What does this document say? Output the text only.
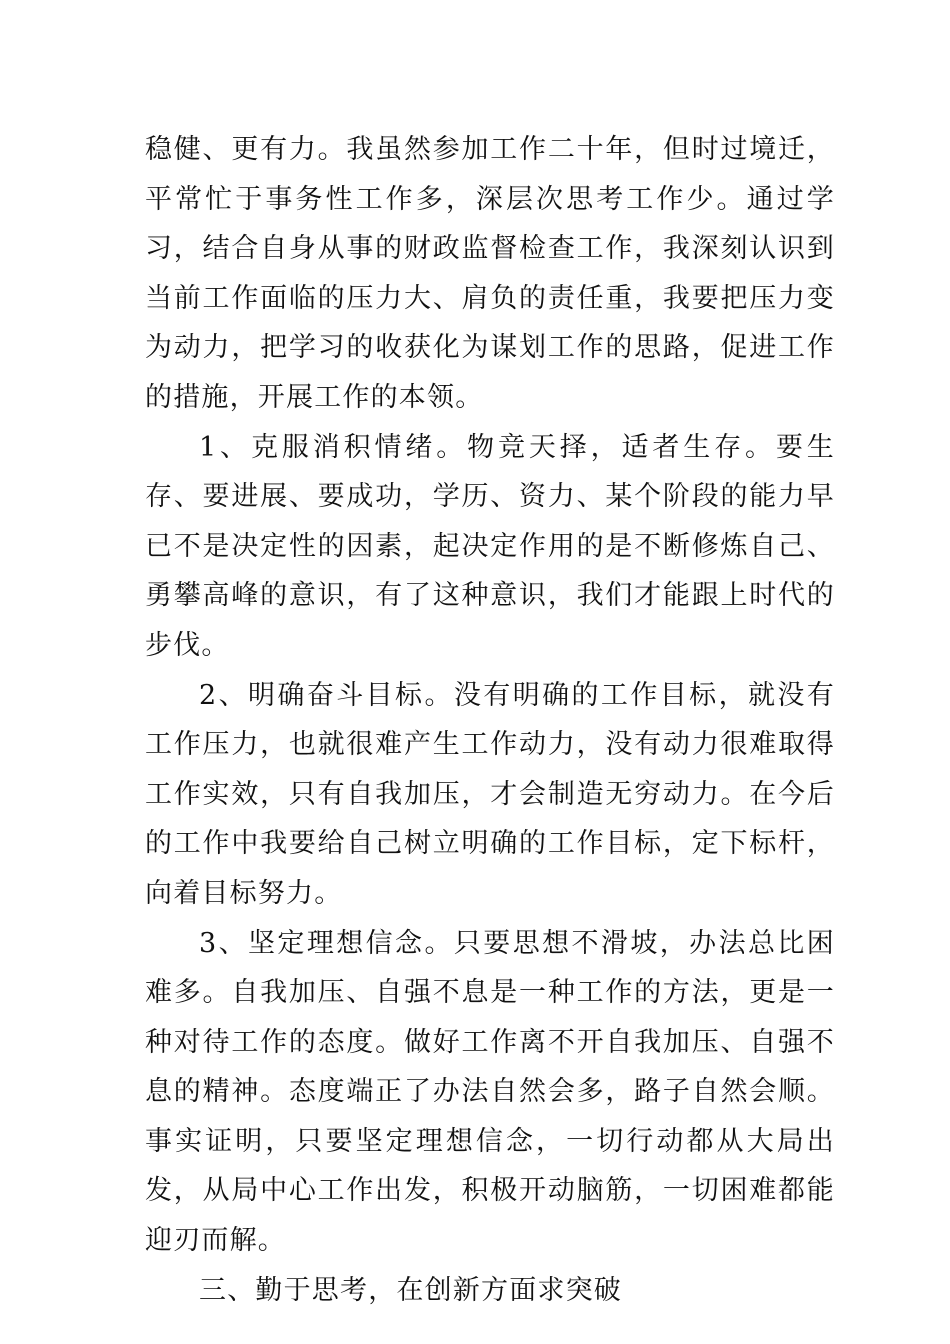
稳健、更有力。我虽然参加工作二十年，但时过境迁，平常忙于事务性工作多，深层次思考工作少。通过学习，结合自身从事的财政监督检查工作，我深刻认识到当前工作面临的压力大、肩负的责任重，我要把压力变为动力，把学习的收获化为谋划工作的思路，促进工作的措施，开展工作的本领。

1、克服消积情绪。物竞天择，适者生存。要生存、要进展、要成功，学历、资力、某个阶段的能力早已不是决定性的因素，起决定作用的是不断修炼自己、勇攀高峰的意识，有了这种意识，我们才能跟上时代的步伐。

2、明确奋斗目标。没有明确的工作目标，就没有工作压力，也就很难产生工作动力，没有动力很难取得工作实效，只有自我加压，才会制造无穷动力。在今后的工作中我要给自己树立明确的工作目标，定下标杆，向着目标努力。

3、坚定理想信念。只要思想不滑坡，办法总比困难多。自我加压、自强不息是一种工作的方法，更是一种对待工作的态度。做好工作离不开自我加压、自强不息的精神。态度端正了办法自然会多，路子自然会顺。事实证明，只要坚定理想信念，一切行动都从大局出发，从局中心工作出发，积极开动脑筋，一切困难都能迎刃而解。

三、勤于思考，在创新方面求突破
